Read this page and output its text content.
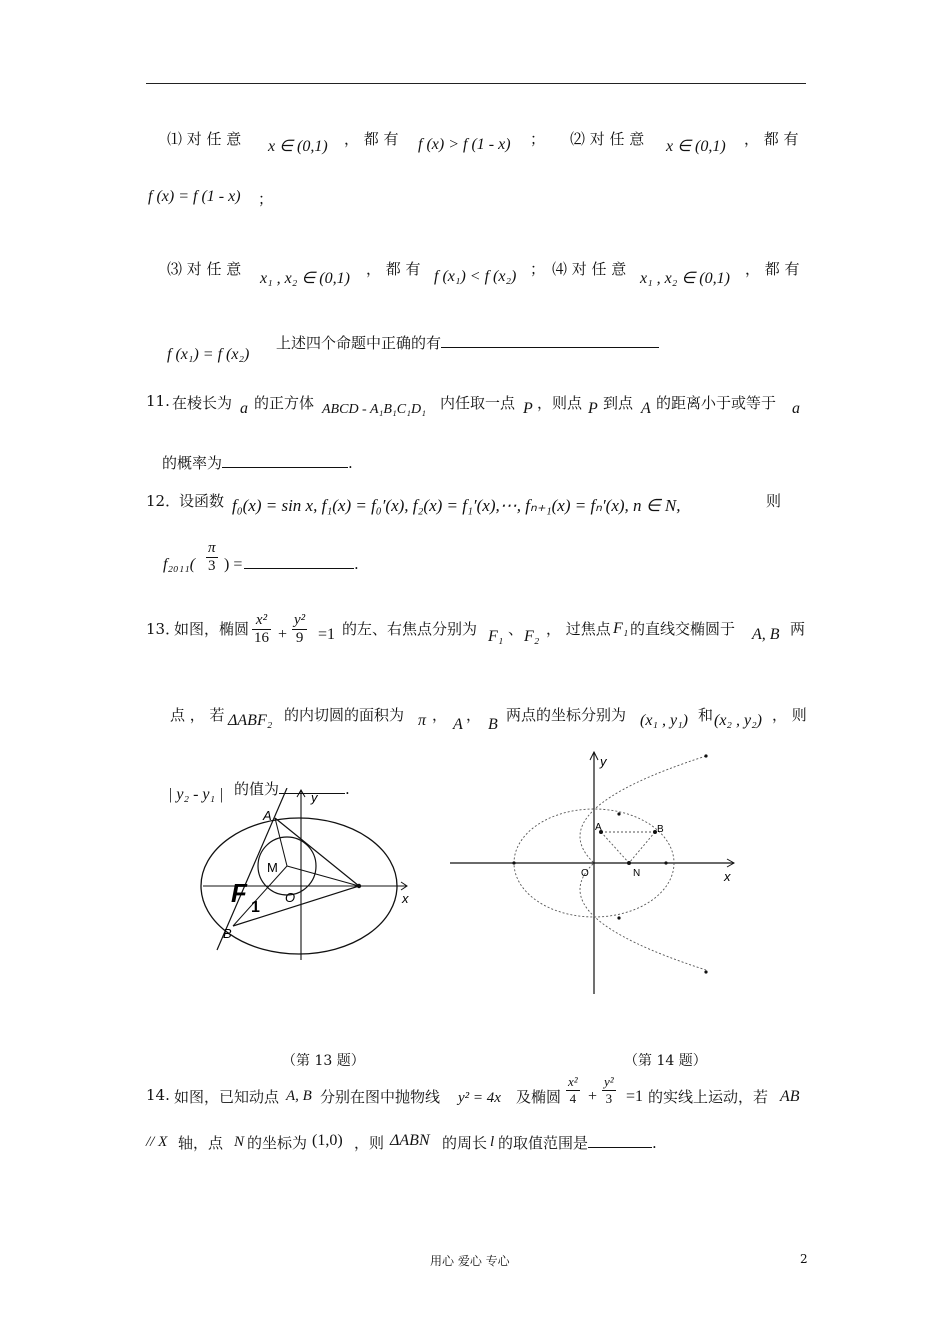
⑴ 对 任 意 x ∈ (0,1) ， 都 有 f (x) > f (1 - x) ； ⑵ 对 任 意 x ∈ (0,1) ， 都 有
f (x) = f (1 - x) ；
⑶ 对 任 意
x₁ , x₂ ∈ (0,1)
， 都 有 f (x₁) < f (x₂) ； ⑷ 对 任 意
x₁ , x₂ ∈ (0,1)
， 都 有
f (x₁) = f (x₂)
上述四个命题中正确的有
11. 在棱长为 a 的正方体 ABCD - A₁B₁C₁D₁ 内任取一点 P ，则点 P 到点 A 的距离小于或等于 a
的概率为	.
12．
设函数 f₀(x) = sin x, f₁(x) = f₀′(x), f₂(x) = f₁′(x),⋯, fₙ₊₁(x) = fₙ′(x), n ∈ N,	则
$f_{2011}( \frac{\pi}{3}$ ) =	.
13．
如图，椭圆 $\frac{\text{x²}}{16} + \frac{\text{y²}}{9} =1$ 的左、右焦点分别为 F₁ 、 F₂ ， 过焦点 F₁ 的直线交椭圆于 A, B 两
点 ， 若 ΔABF₂ 的内切圆的面积为 π ，
A
，
B
两点的坐标分别为 (x₁ , y₁) 和 (x₂ , y₂) ， 则
| y₂ - y₁ | 的值为	.
A
B
M
O
F 1
x
y
A	B
O	N	x
y
（第 13 题）	（第 14 题）
14. 如图，已知动点 A, B 分别在图中抛物线 y² = 4x 及椭圆 $\frac{\text{x²}}{4} + \frac{\text{y²}}{3} =1$ 的实线上运动，若 AB
// X 轴，点 N 的坐标为 (1,0) ，则 ΔABN 的周长 l 的取值范围是	.
用心 爱心 专心	2
